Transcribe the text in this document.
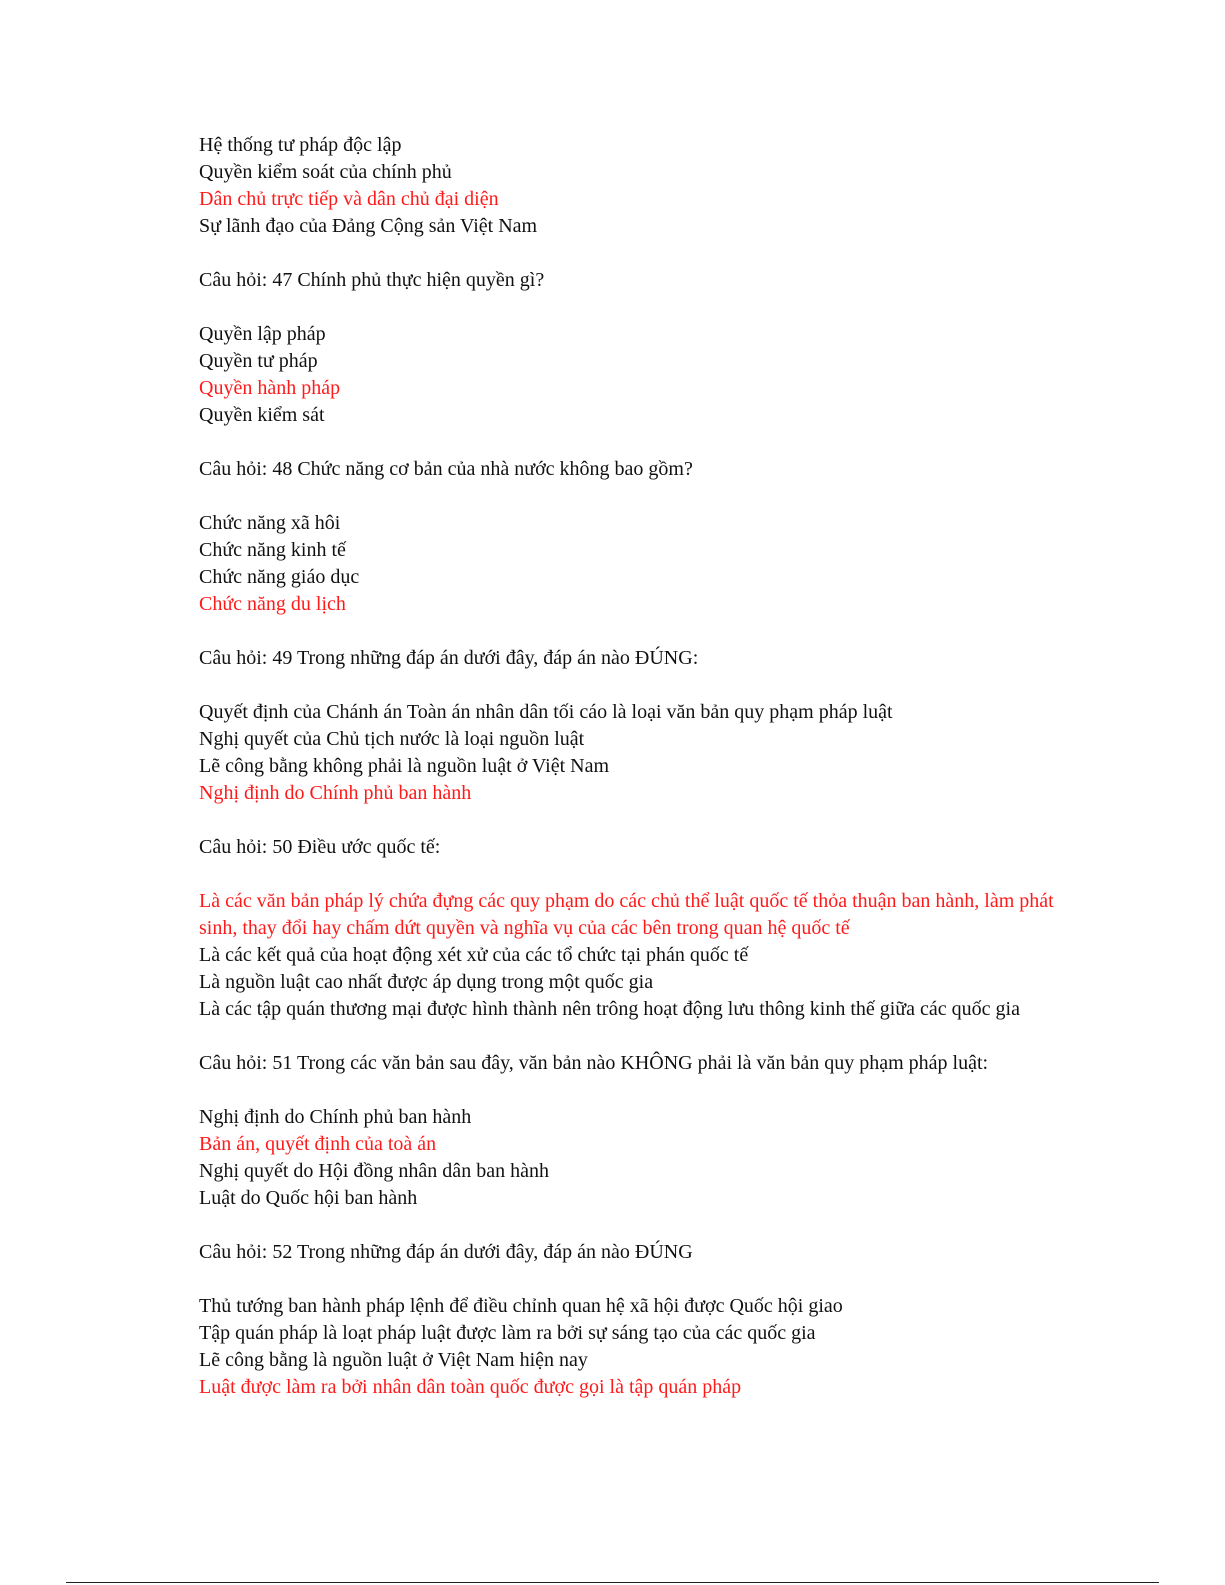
Hệ thống tư pháp độc lập
Quyền kiểm soát của chính phủ
Dân chủ trực tiếp và dân chủ đại diện
Sự lãnh đạo của Đảng Cộng sản Việt Nam
Câu hỏi: 47 Chính phủ thực hiện quyền gì?
Quyền lập pháp
Quyền tư pháp
Quyền hành pháp
Quyền kiểm sát
Câu hỏi: 48 Chức năng cơ bản của nhà nước không bao gồm?
Chức năng xã hôi
Chức năng kinh tế
Chức năng giáo dục
Chức năng du lịch
Câu hỏi: 49 Trong những đáp án dưới đây, đáp án nào ĐÚNG:
Quyết định của Chánh án Toàn án nhân dân tối cáo là loại văn bản quy phạm pháp luật
Nghị quyết của Chủ tịch nước là loại nguồn luật
Lẽ công bằng không phải là nguồn luật ở Việt Nam
Nghị định do Chính phủ ban hành
Câu hỏi: 50 Điều ước quốc tế:
Là các văn bản pháp lý chứa đựng các quy phạm do các chủ thể luật quốc tế thỏa thuận ban hành, làm phát sinh, thay đổi hay chấm dứt quyền và nghĩa vụ của các bên trong quan hệ quốc tế
Là các kết quả của hoạt động xét xử của các tổ chức tại phán quốc tế
Là nguồn luật cao nhất được áp dụng trong một quốc gia
Là các tập quán thương mại được hình thành nên trông hoạt động lưu thông kinh thế giữa các quốc gia
Câu hỏi: 51 Trong các văn bản sau đây, văn bản nào KHÔNG phải là văn bản quy phạm pháp luật:
Nghị định do Chính phủ ban hành
Bản án, quyết định của toà án
Nghị quyết do Hội đồng nhân dân ban hành
Luật do Quốc hội ban hành
Câu hỏi: 52 Trong những đáp án dưới đây, đáp án nào ĐÚNG
Thủ tướng ban hành pháp lệnh để điều chỉnh quan hệ xã hội được Quốc hội giao
Tập quán pháp là loạt pháp luật được làm ra bởi sự sáng tạo của các quốc gia
Lẽ công bằng là nguồn luật ở Việt Nam hiện nay
Luật được làm ra bởi nhân dân toàn quốc được gọi là tập quán pháp
